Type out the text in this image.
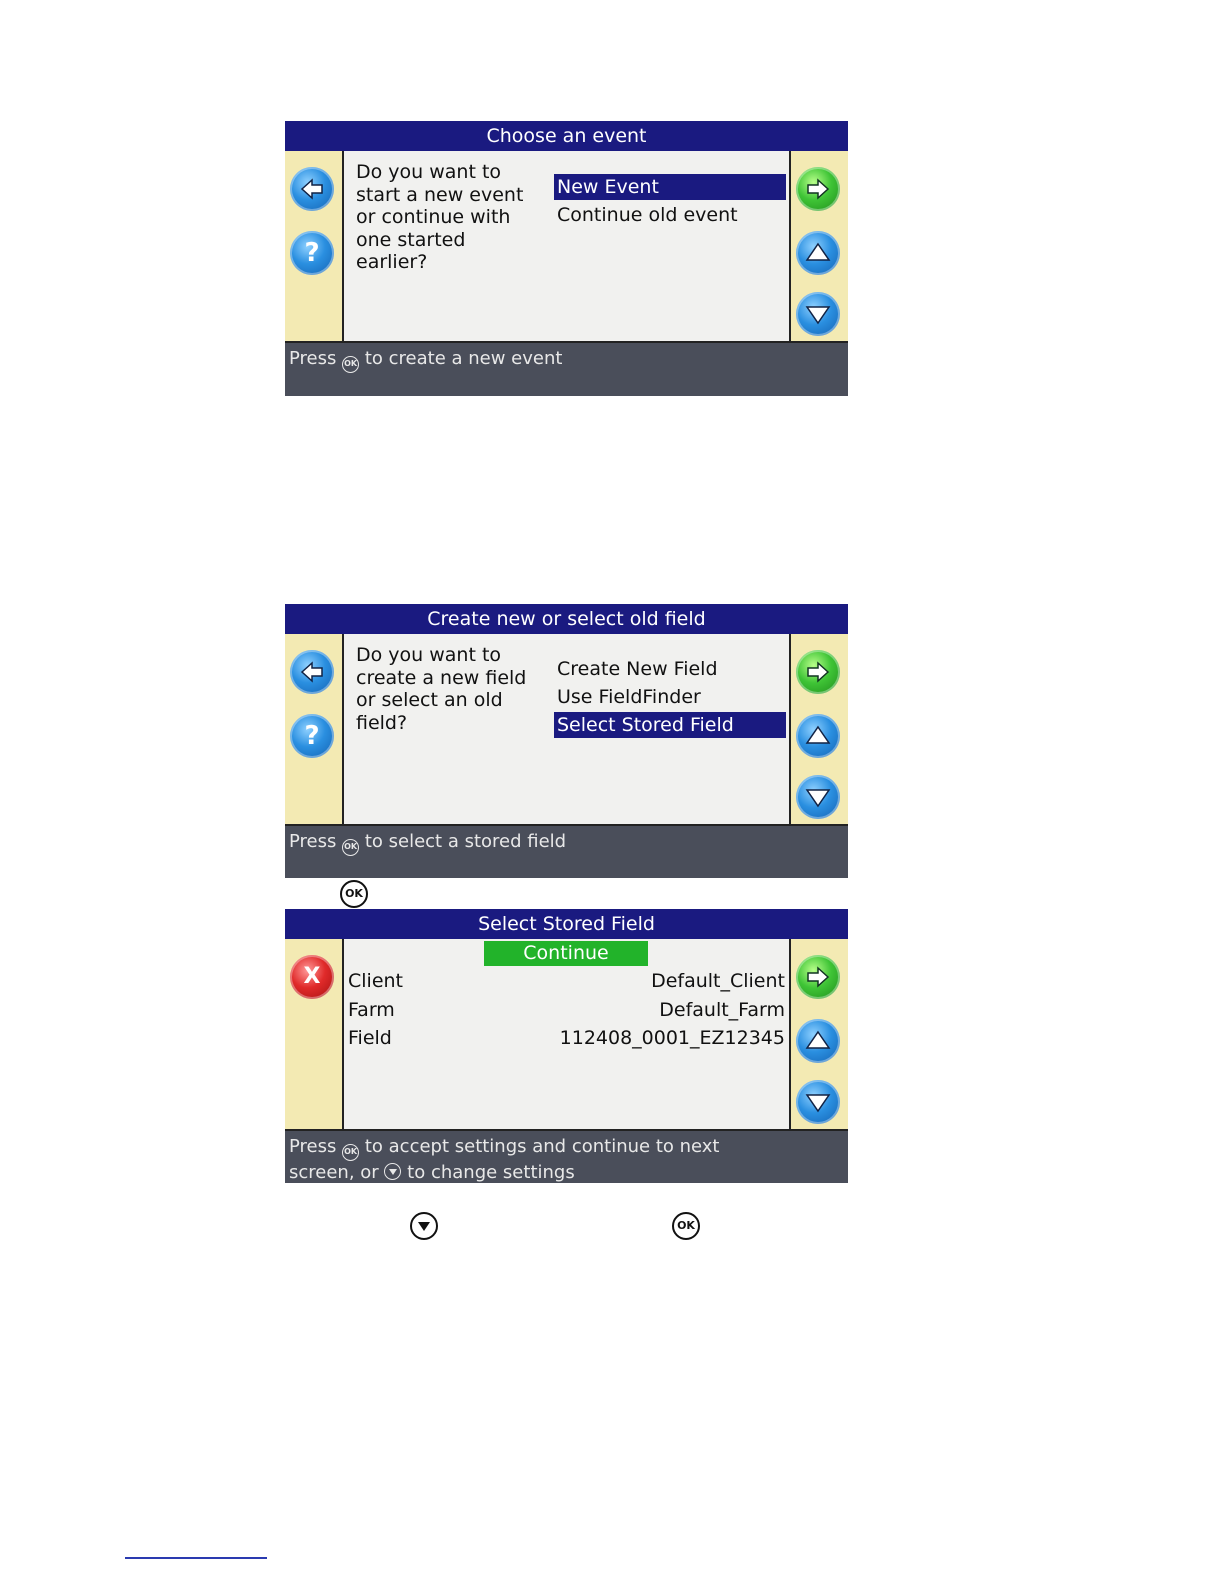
Choose an event
?
Do you want to start a new event or continue with one started earlier?
New Event
Continue old event
Press OK to create a new event
Create new or select old field
?
Do you want to create a new field or select an old field?
Create New Field
Use FieldFinder
Select Stored Field
Press OK to select a stored field
OK
Select Stored Field
X
Continue
Client	Default_Client
Farm	Default_Farm
Field	112408_0001_EZ12345
Press OK to accept settings and continue to next
screen, or to change settings
OK
